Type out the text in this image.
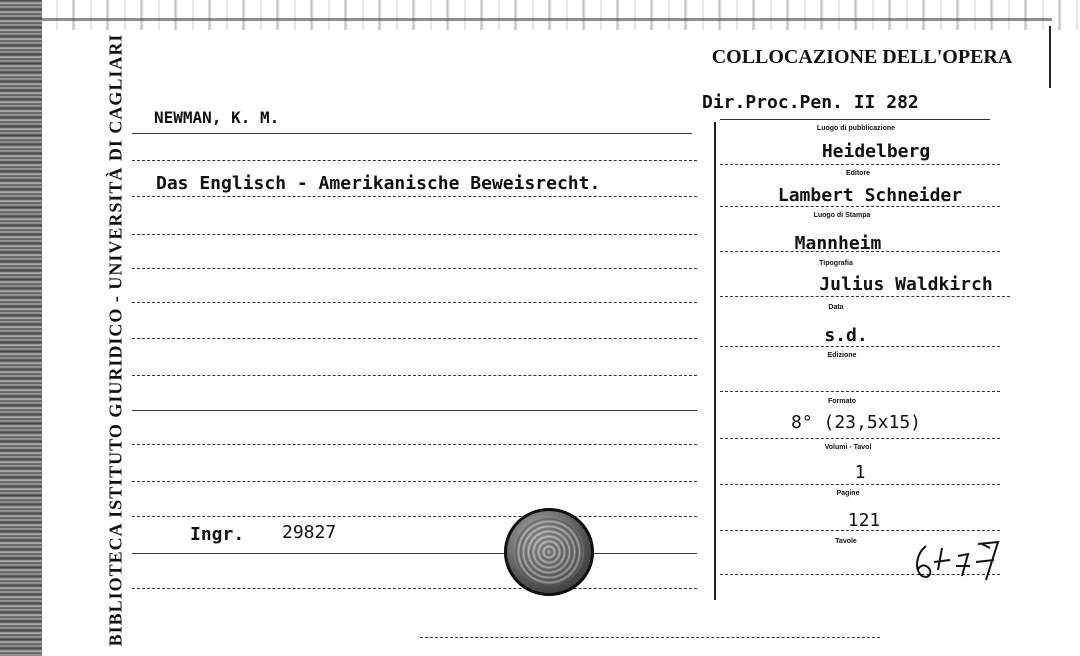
BIBLIOTECA ISTITUTO GIURIDICO - UNIVERSITÀ DI CAGLIARI	COLLOCAZIONE DELL'OPERA
Dir.Proc.Pen. II 282
NEWMAN, K. M.
Das Englisch - Amerikanische Beweisrecht.
Ingr. 29827
Luogo di pubblicazione
Heidelberg
Editore
Lambert Schneider
Luogo di Stampa
Mannheim
Tipografia
Julius Waldkirch
Data
s.d.
Edizione
Formato
8° (23,5x15)
Volumi - Tavol
1
Pagine
121
Tavole
